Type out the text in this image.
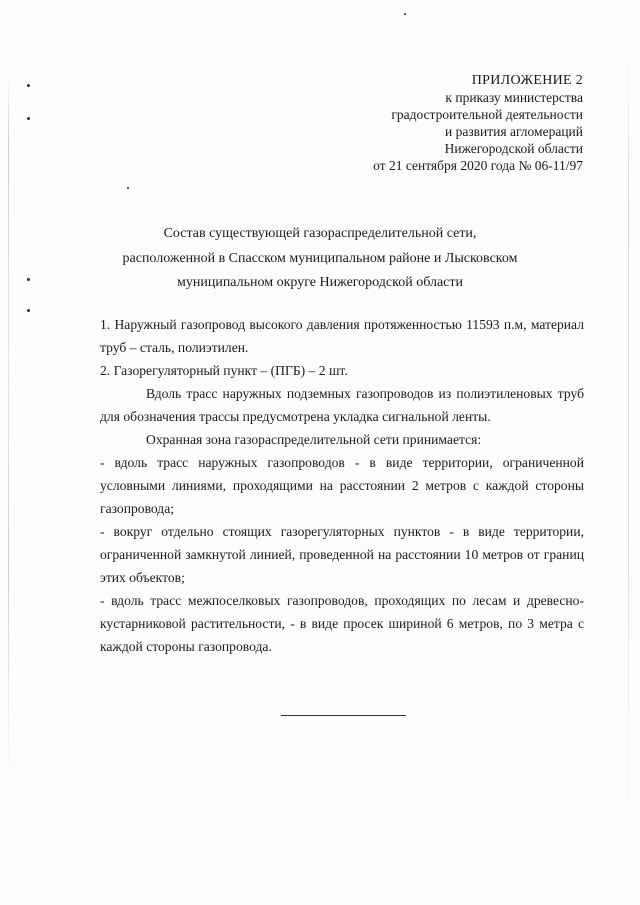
ПРИЛОЖЕНИЕ 2
к приказу министерства
градостроительной деятельности
и развития агломераций
Нижегородской области
от 21 сентября 2020 года № 06-11/97
Состав существующей газораспределительной сети,
расположенной в Спасском муниципальном районе и Лысковском
муниципальном округе Нижегородской области

1. Наружный газопровод высокого давления протяженностью 11593 п.м, материал труб – сталь, полиэтилен.

2. Газорегуляторный пункт – (ПГБ) – 2 шт.

Вдоль трасс наружных подземных газопроводов из полиэтиленовых труб для обозначения трассы предусмотрена укладка сигнальной ленты.

Охранная зона газораспределительной сети принимается:

- вдоль трасс наружных газопроводов - в виде территории, ограниченной условными линиями, проходящими на расстоянии 2 метров с каждой стороны газопровода;

- вокруг отдельно стоящих газорегуляторных пунктов - в виде территории, ограниченной замкнутой линией, проведенной на расстоянии 10 метров от границ этих объектов;

- вдоль трасс межпоселковых газопроводов, проходящих по лесам и древесно-кустарниковой растительности, - в виде просек шириной 6 метров, по 3 метра с каждой стороны газопровода.
